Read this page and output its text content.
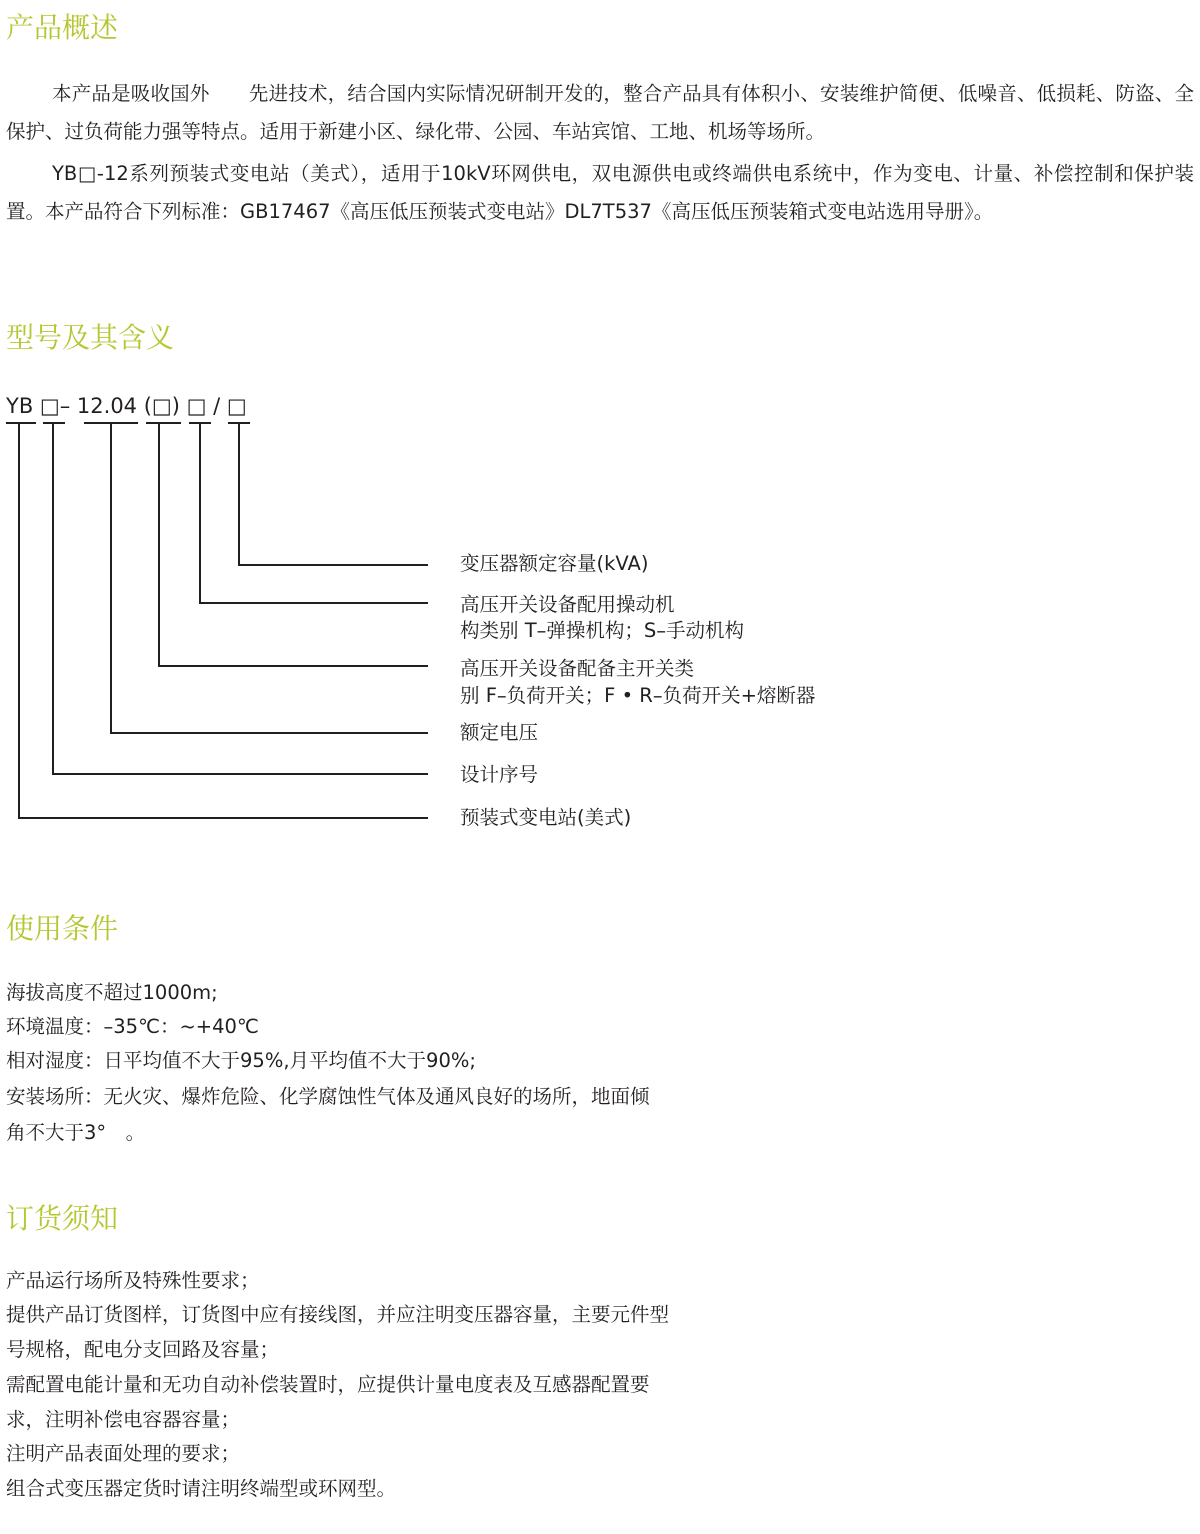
产品概述

本产品是吸收国外　　先进技术，结合国内实际情况研制开发的，整合产品具有体积小、安装维护简便、低噪音、低损耗、防盗、全保护、过负荷能力强等特点。适用于新建小区、绿化带、公园、车站宾馆、工地、机场等场所。

YB□-12系列预装式变电站（美式），适用于10kV环网供电，双电源供电或终端供电系统中，作为变电、计量、补偿控制和保护装置。本产品符合下列标准：GB17467《高压低压预装式变电站》DL7T537《高压低压预装箱式变电站选用导册》。

型号及其含义
YB □– 12.04 (□) □ / □
变压器额定容量(kVA)
高压开关设备配用操动机
构类别 T–弹操机构；S–手动机构
高压开关设备配备主开关类
别 F–负荷开关；F • R–负荷开关+熔断器
额定电压
设计序号
预装式变电站(美式)
使用条件

海拔高度不超过1000m;

环境温度：–35℃：~+40℃

相对湿度：日平均值不大于95%,月平均值不大于90%;

安装场所：无火灾、爆炸危险、化学腐蚀性气体及通风良好的场所，地面倾

角不大于3°　。

订货须知

产品运行场所及特殊性要求；

提供产品订货图样，订货图中应有接线图，并应注明变压器容量，主要元件型

号规格，配电分支回路及容量；

需配置电能计量和无功自动补偿装置时，应提供计量电度表及互感器配置要

求，注明补偿电容器容量；

注明产品表面处理的要求；

组合式变压器定货时请注明终端型或环网型。
